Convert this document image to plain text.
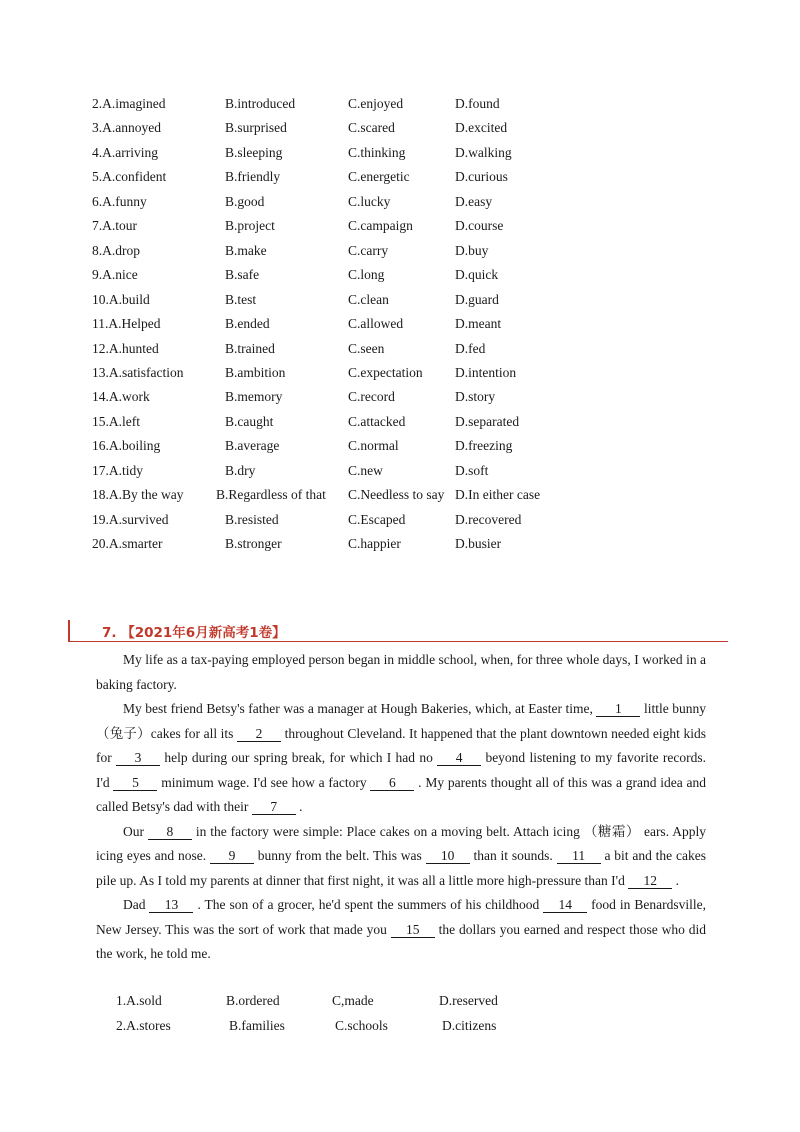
2.A.imagined	B.introduced	C.enjoyed	D.found
3.A.annoyed	B.surprised	C.scared	D.excited
4.A.arriving	B.sleeping	C.thinking	D.walking
5.A.confident	B.friendly	C.energetic	D.curious
6.A.funny	B.good	C.lucky	D.easy
7.A.tour	B.project	C.campaign	D.course
8.A.drop	B.make	C.carry	D.buy
9.A.nice	B.safe	C.long	D.quick
10.A.build	B.test	C.clean	D.guard
11.A.Helped	B.ended	C.allowed	D.meant
12.A.hunted	B.trained	C.seen	D.fed
13.A.satisfaction	B.ambition	C.expectation D.intention
14.A.work	B.memory	C.record	D.story
15.A.left	B.caught	C.attacked	D.separated
16.A.boiling	B.average	C.normal	D.freezing
17.A.tidy	B.dry	C.new	D.soft
18.A.By the way B.Regardless of that C.Needless to say D.In either case
19.A.survived	B.resisted	C.Escaped	D.recovered
20.A.smarter	B.stronger	C.happier	D.busier
7. 【2021年6月新高考1卷】

My life as a tax-paying employed person began in middle school, when, for three whole days, I worked in a baking factory.

My best friend Betsy's father was a manager at Hough Bakeries, which, at Easter time, 1 little bunny（兔子）cakes for all its 2 throughout Cleveland. It happened that the plant downtown needed eight kids for 3 help during our spring break, for which I had no 4 beyond listening to my favorite records. I'd 5 minimum wage. I'd see how a factory 6 . My parents thought all of this was a grand idea and called Betsy's dad with their 7 .

Our 8 in the factory were simple: Place cakes on a moving belt. Attach icing （糖霜） ears. Apply icing eyes and nose. 9 bunny from the belt. This was 10 than it sounds. 11 a bit and the cakes pile up. As I told my parents at dinner that first night, it was all a little more high-pressure than I'd 12 .

Dad 13 . The son of a grocer, he'd spent the summers of his childhood 14 food in Benardsville, New Jersey. This was the sort of work that made you 15 the dollars you earned and respect those who did the work, he told me.

1.A.sold	B.ordered	C,made	D.reserved
2.A.stores	B.families	C.schools	D.citizens
